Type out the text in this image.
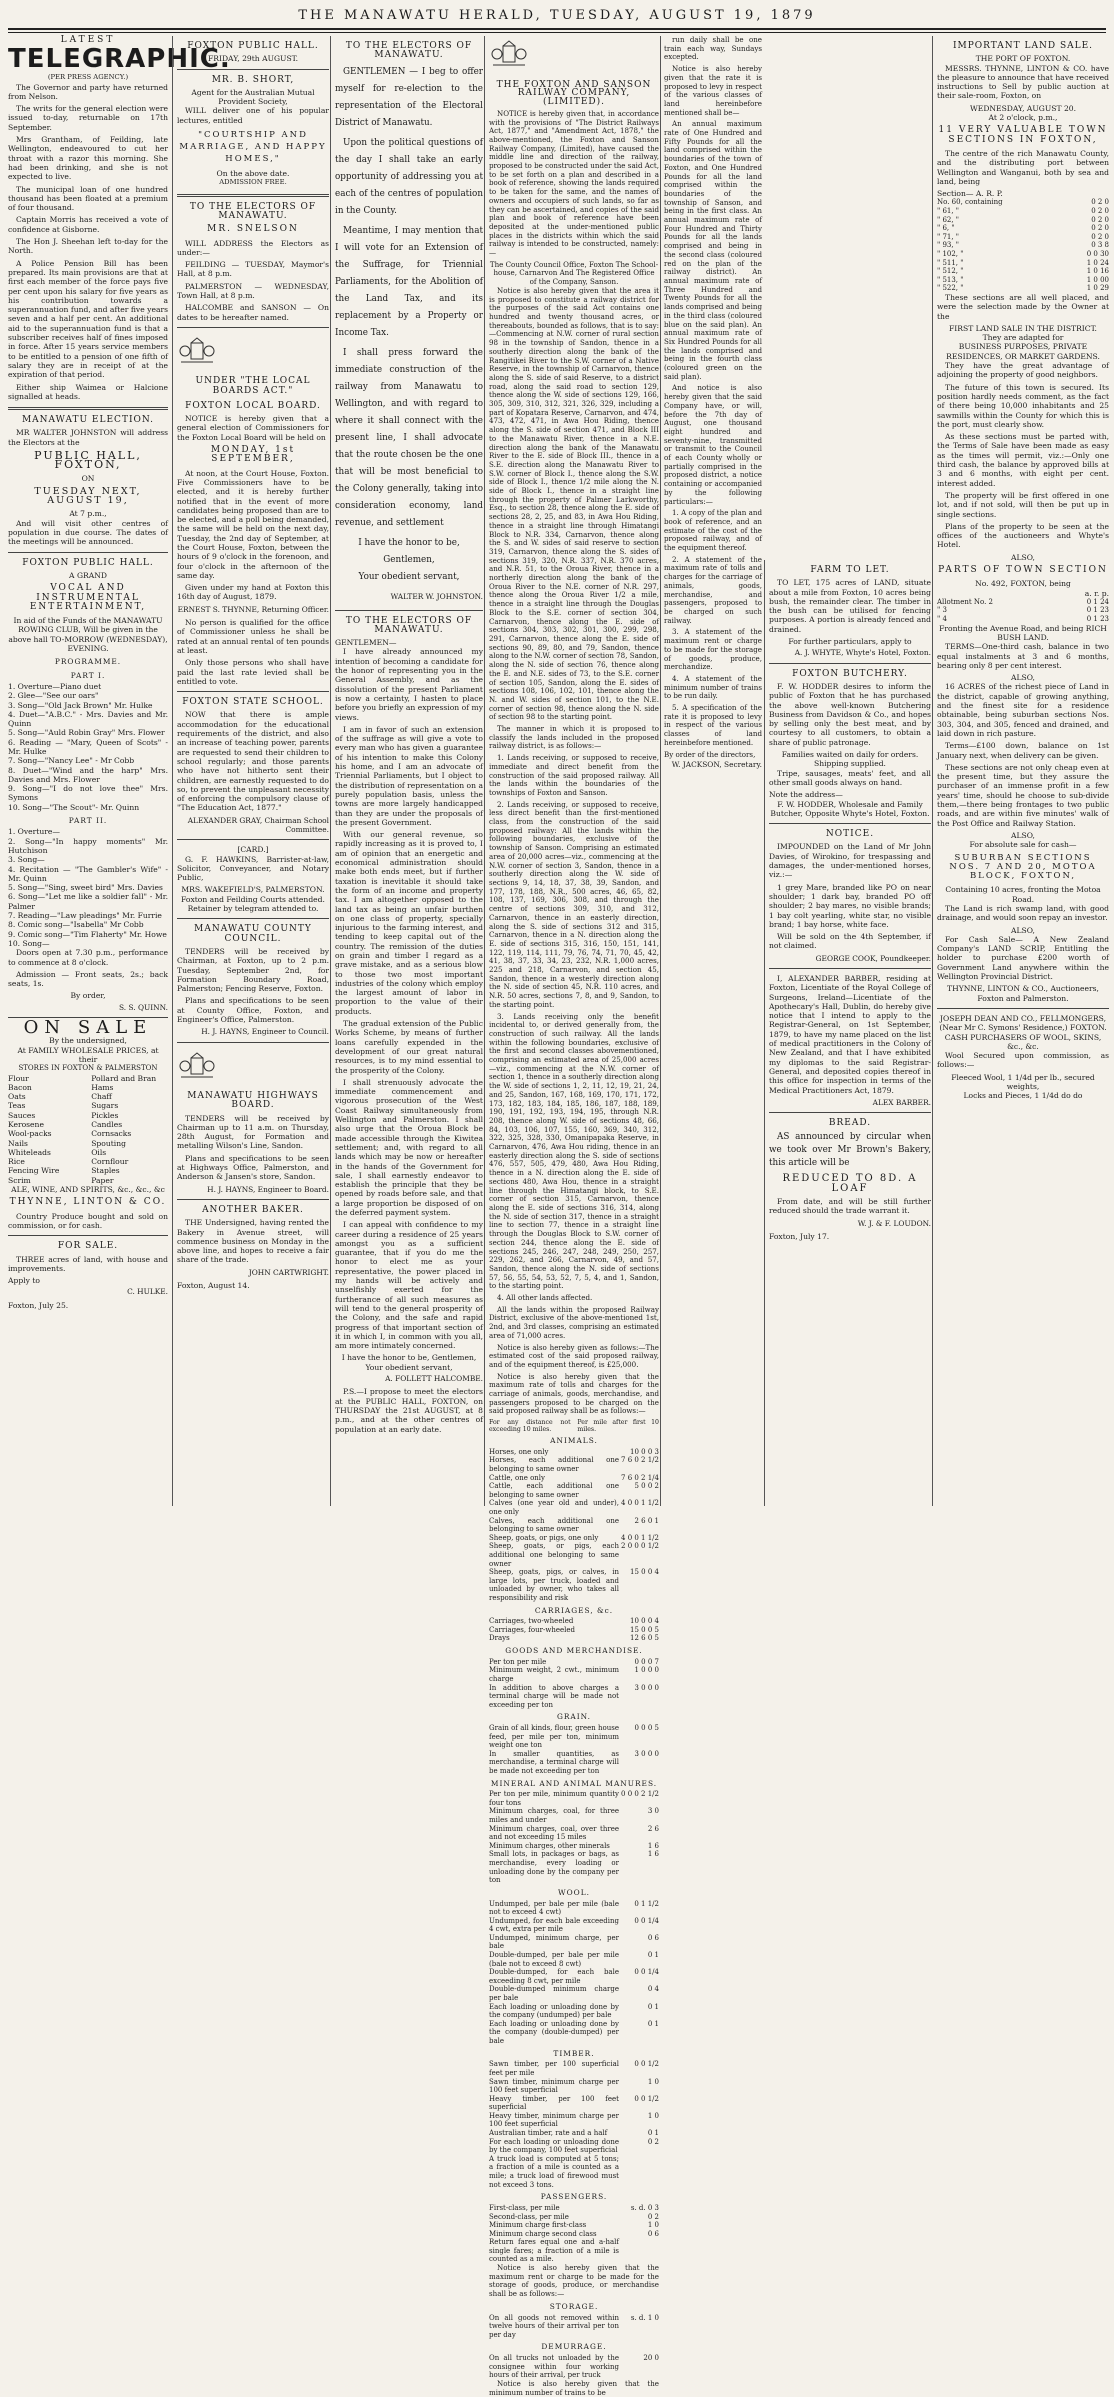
THE MANAWATU HERALD, TUESDAY, AUGUST 19, 1879
LATEST
TELEGRAPHIC.
(PER PRESS AGENCY.)

The Governor and party have returned from Nelson.

The writs for the general election were issued to-day, returnable on 17th September.

Mrs Grantham, of Feilding, late Wellington, endeavoured to cut her throat with a razor this morning. She had been drinking, and she is not expected to live.

The municipal loan of one hundred thousand has been floated at a premium of four thousand.

Captain Morris has received a vote of confidence at Gisborne.

The Hon J. Sheehan left to-day for the North.

A Police Pension Bill has been prepared. Its main provisions are that at first each member of the force pays five per cent upon his salary for five years as his contribution towards a superannuation fund, and after five years seven and a half per cent. An additional aid to the superannuation fund is that a subscriber receives half of fines imposed in force. After 15 years service members to be entitled to a pension of one fifth of salary they are in receipt of at the expiration of that period.

Either ship Waimea or Halcione signalled at heads.

MANAWATU ELECTION.

MR WALTER JOHNSTON will address the Electors at the

PUBLIC HALL, FOXTON,
ON
TUESDAY NEXT, AUGUST 19,
At 7 p.m.,

And will visit other centres of population in due course. The dates of the meetings will be announced.

FOXTON PUBLIC HALL.
A GRAND
VOCAL AND INSTRUMENTAL ENTERTAINMENT,
In aid of the Funds of the MANAWATU ROWING CLUB, Will be given in the above hall TO-MORROW (WEDNESDAY), EVENING.
PROGRAMME.
PART I.
1. Overture—Piano duet
2. Glee—"See our oars"
3. Song—"Old Jack Brown" Mr. Hulke
4. Duet—"A.B.C." - Mrs. Davies and Mr. Quinn
5. Song—"Auld Robin Gray" Mrs. Flower
6. Reading — "Mary, Queen of Scots" - Mr. Hulke
7. Song—"Nancy Lee" - Mr Cobb
8. Duet—"Wind and the harp" Mrs. Davies and Mrs. Flower
9. Song—"I do not love thee" Mrs. Symons
10. Song—"The Scout"- Mr. Quinn
PART II.
1. Overture—
2. Song—"In happy moments" Mr. Hutchison
3. Song—
4. Recitation — "The Gambler's Wife" - Mr. Quinn
5. Song—"Sing, sweet bird" Mrs. Davies
6. Song—"Let me like a soldier fall" - Mr. Palmer
7. Reading—"Law pleadings" Mr. Furrie
8. Comic song—"Isabella" Mr Cobb
9. Comic song—"Tim Flaherty" Mr. Howe
10. Song—

Doors open at 7.30 p.m., performance to commence at 8 o'clock.

Admission — Front seats, 2s.; back seats, 1s.

By order,
S. S. QUINN.
ON SALE
By the undersigned,
At FAMILY WHOLESALE PRICES, at their
STORES IN FOXTON & PALMERSTON
Flour	Pollard and Bran
Bacon	Hams
Oats	Chaff
Teas	Sugars
Sauces	Pickles
Kerosene	Candles
Wool-packs	Cornsacks
Nails	Spouting
Whiteleads	Oils
Rice	Cornflour
Fencing Wire	Staples
Scrim	Paper
ALE, WINE, AND SPIRITS, &c., &c., &c
THYNNE, LINTON & CO.

Country Produce bought and sold on commission, or for cash.

FOR SALE.

THREE acres of land, with house and improvements.

Apply to
C. HULKE.
Foxton, July 25.
FOXTON PUBLIC HALL.
FRIDAY, 29th AUGUST.
MR. B. SHORT,
Agent for the Australian Mutual Provident Society,

WILL deliver one of his popular lectures, entitled

"COURTSHIP AND MARRIAGE, AND HAPPY HOMES,"
On the above date.
ADMISSION FREE.
TO THE ELECTORS OF MANAWATU.
MR. SNELSON

WILL ADDRESS the Electors as under:—

FEILDING — TUESDAY, Maymor's Hall, at 8 p.m.

PALMERSTON — WEDNESDAY, Town Hall, at 8 p.m.

HALCOMBE and SANSON — On dates to be hereafter named.

UNDER "THE LOCAL BOARDS ACT."
FOXTON LOCAL BOARD.

NOTICE is hereby given that a general election of Commissioners for the Foxton Local Board will be held on

MONDAY, 1st SEPTEMBER,

At noon, at the Court House, Foxton. Five Commissioners have to be elected, and it is hereby further notified that in the event of more candidates being proposed than are to be elected, and a poll being demanded, the same will be held on the next day, Tuesday, the 2nd day of September, at the Court House, Foxton, between the hours of 9 o'clock in the forenoon, and four o'clock in the afternoon of the same day.

Given under my hand at Foxton this 16th day of August, 1879.

ERNEST S. THYNNE, Returning Officer.

No person is qualified for the office of Commissioner unless he shall be rated at an annual rental of ten pounds at least.

Only those persons who shall have paid the last rate levied shall be entitled to vote.

FOXTON STATE SCHOOL.

NOW that there is ample accommodation for the educational requirements of the district, and also an increase of teaching power, parents are requested to send their children to school regularly; and those parents who have not hitherto sent their children, are earnestly requested to do so, to prevent the unpleasant necessity of enforcing the compulsory clause of "The Education Act, 1877."

ALEXANDER GRAY, Chairman School Committee.
[CARD.]

G. F. HAWKINS, Barrister-at-law, Solicitor, Conveyancer, and Notary Public,

MRS. WAKEFIELD'S, PALMERSTON.
Foxton and Feilding Courts attended.
Retainer by telegram attended to.
MANAWATU COUNTY COUNCIL.

TENDERS will be received by Chairman, at Foxton, up to 2 p.m. Tuesday, September 2nd, for Formation Boundary Road, Palmerston; Fencing Reserve, Foxton.

Plans and specifications to be seen at County Office, Foxton, and Engineer's Office, Palmerston.

H. J. HAYNS, Engineer to Council.
MANAWATU HIGHWAYS BOARD.

TENDERS will be received by Chairman up to 11 a.m. on Thursday, 28th August, for Formation and metalling Wilson's Line, Sandon.

Plans and specifications to be seen at Highways Office, Palmerston, and Anderson & Jansen's store, Sandon.

H. J. HAYNS, Engineer to Board.
ANOTHER BAKER.

THE Undersigned, having rented the Bakery in Avenue street, will commence business on Monday in the above line, and hopes to receive a fair share of the trade.

JOHN CARTWRIGHT.
Foxton, August 14.
TO THE ELECTORS OF MANAWATU.

GENTLEMEN — I beg to offer myself for re-election to the representation of the Electoral District of Manawatu.

Upon the political questions of the day I shall take an early opportunity of addressing you at each of the centres of population in the County.

Meantime, I may mention that I will vote for an Extension of the Suffrage, for Triennial Parliaments, for the Abolition of the Land Tax, and its replacement by a Property or Income Tax.

I shall press forward the immediate construction of the railway from Manawatu to Wellington, and with regard to where it shall connect with the present line, I shall advocate that the route chosen be the one that will be most beneficial to the Colony generally, taking into consideration economy, land revenue, and settlement

I have the honor to be,
Gentlemen,
Your obedient servant,
WALTER W. JOHNSTON.
TO THE ELECTORS OF MANAWATU.
GENTLEMEN—

I have already announced my intention of becoming a candidate for the honor of representing you in the General Assembly, and as the dissolution of the present Parliament is now a certainty, I hasten to place before you briefly an expression of my views.

I am in favor of such an extension of the suffrage as will give a vote to every man who has given a guarantee of his intention to make this Colony his home, and I am an advocate of Triennial Parliaments, but I object to the distribution of representation on a purely population basis, unless the towns are more largely handicapped than they are under the proposals of the present Government.

With our general revenue, so rapidly increasing as it is proved to, I am of opinion that an energetic and economical administration should make both ends meet, but if further taxation is inevitable it should take the form of an income and property tax. I am altogether opposed to the land tax as being an unfair burthen on one class of property, specially injurious to the farming interest, and tending to keep capital out of the country. The remission of the duties on grain and timber I regard as a grave mistake, and as a serious blow to those two most important industries of the colony which employ the largest amount of labor in proportion to the value of their products.

The gradual extension of the Public Works Scheme, by means of further loans carefully expended in the development of our great natural resources, is to my mind essential to the prosperity of the Colony.

I shall strenuously advocate the immediate commencement and vigorous prosecution of the West Coast Railway simultaneously from Wellington and Palmerston. I shall also urge that the Oroua Block be made accessible through the Kiwitea settlement; and, with regard to all lands which may be now or hereafter in the hands of the Government for sale, I shall earnestly endeavor to establish the principle that they be opened by roads before sale, and that a large proportion be disposed of on the deferred payment system.

I can appeal with confidence to my career during a residence of 25 years amongst you as a sufficient guarantee, that if you do me the honor to elect me as your representative, the power placed in my hands will be actively and unselfishly exerted for the furtherance of all such measures as will tend to the general prosperity of the Colony, and the safe and rapid progress of that important section of it in which I, in common with you all, am more intimately concerned.

I have the honor to be, Gentlemen,
Your obedient servant,
A. FOLLETT HALCOMBE.

P.S.—I propose to meet the electors at the PUBLIC HALL, FOXTON, on THURSDAY the 21st AUGUST, at 8 p.m., and at the other centres of population at an early date.

THE FOXTON AND SANSON RAILWAY COMPANY, (LIMITED).

NOTICE is hereby given that, in accordance with the provisions of "The District Railways Act, 1877," and "Amendment Act, 1878," the above-mentioned, the Foxton and Sanson Railway Company, (Limited), have caused the middle line and direction of the railway, proposed to be constructed under the said Act, to be set forth on a plan and described in a book of reference, showing the lands required to be taken for the same, and the names of owners and occupiers of such lands, so far as they can be ascertained, and copies of the said plan and book of reference have been deposited at the under-mentioned public places in the districts within which the said railway is intended to be constructed, namely:—

The County Council Office, Foxton The School-house, Carnarvon And The Registered Office of the Company, Sanson.

Notice is also hereby given that the area it is proposed to constitute a railway district for the purposes of the said Act contains one hundred and twenty thousand acres, or thereabouts, bounded as follows, that is to say:—Commencing at N.W. corner of rural section 98 in the township of Sandon, thence in a southerly direction along the bank of the Rangitikei River to the S.W. corner of a Native Reserve, in the township of Carnarvon, thence along the S. side of said Reserve, to a district road, along the said road to section 129, thence along the W. side of sections 129, 166, 305, 309, 310, 312, 321, 326, 329, including a part of Kopatara Reserve, Carnarvon, and 474, 473, 472, 471, in Awa Hou Riding, thence along the S. side of section 471, and Block III to the Manawatu River, thence in a N.E. direction along the bank of the Manawatu River to the E. side of Block III., thence in a S.E. direction along the Manawatu River to S.W. corner of Block I., thence along the S.W. side of Block I., thence 1/2 mile along the N. side of Block I., thence in a straight line through the property of Palmer Larkworthy, Esq., to section 28, thence along the E. side of sections 28, 2, 25, and 83, in Awa Hou Riding, thence in a straight line through Himatangi Block to N.R. 334, Carnarvon, thence along the S. and W. sides of said reserve to section 319, Carnarvon, thence along the S. sides of sections 319, 320, N.R. 337, N.R. 370 acres, and N.R. 51, to the Oroua River, thence in a northerly direction along the bank of the Oroua River to the N.E. corner of N.R. 297, thence along the Oroua River 1/2 a mile, thence in a straight line through the Douglas Block to the S.E. corner of section 304, Carnarvon, thence along the E. side of sections 304, 303, 302, 301, 300, 299, 298, 291, Carnarvon, thence along the E. side of sections 90, 89, 80, and 79, Sandon, thence along to the N.W. corner of section 78, Sandon, along the N. side of section 76, thence along the E. and N.E. sides of 73, to the S.E. corner of section 105, Sandon, along the E. sides of sections 108, 106, 102, 101, thence along the N. and W. sides of section 101, to the N.E. corner of section 98, thence along the N. side of section 98 to the starting point.

The manner in which it is proposed to classify the lands included in the proposed railway district, is as follows:—

1. Lands receiving, or supposed to receive, immediate and direct benefit from the construction of the said proposed railway. All the lands within the boundaries of the townships of Foxton and Sanson.

2. Lands receiving, or supposed to receive, less direct benefit than the first-mentioned class, from the construction of the said proposed railway: All the lands within the following boundaries, exclusive of the township of Sanson. Comprising an estimated area of 20,000 acres—viz., commencing at the N.W. corner of section 3, Sandon, thence in a southerly direction along the W. side of sections 9, 14, 18, 37, 38, 39, Sandon, and 177, 178, 188, N.R., 500 acres, 46, 65, 82, 108, 137, 169, 306, 308, and through the centre of sections 309, 310, and 312, Carnarvon, thence in an easterly direction, along the S. side of sections 312 and 315, Carnarvon, thence in a N. direction along the E. side of sections 315, 316, 150, 151, 141, 122, 119, 114, 111, 79, 76, 74, 71, 70, 45, 42, 41, 38, 37, 33, 34, 23, 232, N.R. 1,000 acres, 225 and 218, Carnarvon, and section 45, Sandon, thence in a westerly direction along the N. side of section 45, N.R. 110 acres, and N.R. 50 acres, sections 7, 8, and 9, Sandon, to the starting point.

3. Lands receiving only the benefit incidental to, or derived generally from, the construction of such railway. All the lands within the following boundaries, exclusive of the first and second classes abovementioned, comprising an estimated area of 25,000 acres—viz., commencing at the N.W. corner of section 1, thence in a southerly direction along the W. side of sections 1, 2, 11, 12, 19, 21, 24, and 25, Sandon, 167, 168, 169, 170, 171, 172, 173, 182, 183, 184, 185, 186, 187, 188, 189, 190, 191, 192, 193, 194, 195, through N.R. 208, thence along W. side of sections 48, 66, 84, 103, 106, 107, 155, 160, 369, 340, 312, 322, 325, 328, 330, Omanipapaka Reserve, in Carnarvon, 476, Awa Hou riding, thence in an easterly direction along the S. side of sections 476, 557, 505, 479, 480, Awa Hou Riding, thence in a N. direction along the E. side of sections 480, Awa Hou, thence in a straight line through the Himatangi block, to S.E. corner of section 315, Carnarvon, thence along the E. side of sections 316, 314, along the N. side of section 317, thence in a straight line to section 77, thence in a straight line through the Douglas Block to S.W. corner of section 244, thence along the E. side of sections 245, 246, 247, 248, 249, 250, 257, 229, 262, and 266, Carnarvon, 49, and 57, Sandon, thence along the N. side of sections 57, 56, 55, 54, 53, 52, 7, 5, 4, and 1, Sandon, to the starting point.

4. All other lands affected.

All the lands within the proposed Railway District, exclusive of the above-mentioned 1st, 2nd, and 3rd classes, comprising an estimated area of 71,000 acres.

Notice is also hereby given as follows:—The estimated cost of the said proposed railway, and of the equipment thereof, is £25,000.

Notice is also hereby given that the maximum rate of tolls and charges for the carriage of animals, goods, merchandise, and passengers proposed to be charged on the said proposed railway shall be as follows:—

For any distance not exceeding 10 miles.
Per mile after first 10 miles.
ANIMALS.
Horses, one only	10 0 0 3
Horses, each additional one belonging to same owner	7 6 0 2 1/2
Cattle, one only	7 6 0 2 1/4
Cattle, each additional one belonging to same owner	5 0 0 2
Calves (one year old and under), one only	4 0 0 1 1/2
Calves, each additional one belonging to same owner	2 6 0 1
Sheep, goats, or pigs, one only	4 0 0 1 1/2
Sheep, goats, or pigs, each additional one belonging to same owner	2 0 0 0 1/2
Sheep, goats, pigs, or calves, in large lots, per truck, loaded and unloaded by owner, who takes all responsibility and risk	15 0 0 4
CARRIAGES, &c.
Carriages, two-wheeled	10 0 0 4
Carriages, four-wheeled	15 0 0 5
Drays	12 6 0 5
GOODS AND MERCHANDISE.
Per ton per mile	0 0 0 7
Minimum weight, 2 cwt., minimum charge	1 0 0 0
In addition to above charges a terminal charge will be made not exceeding per ton	3 0 0 0
GRAIN.
Grain of all kinds, flour, green house feed, per mile per ton, minimum weight one ton	0 0 0 5
In smaller quantities, as merchandise, a terminal charge will be made not exceeding per ton	3 0 0 0
MINERAL AND ANIMAL MANURES.
Per ton per mile, minimum quantity four tons	0 0 0 2 1/2
Minimum charges, coal, for three miles and under	3 0
Minimum charges, coal, over three and not exceeding 15 miles	2 6
Minimum charges, other minerals	1 6
Small lots, in packages or bags, as merchandise, every loading or unloading done by the company per ton	1 6
WOOL.
Undumped, per bale per mile (bale not to exceed 4 cwt)	0 1 1/2
Undumped, for each bale exceeding 4 cwt, extra per mile	0 0 1/4
Undumped, minimum charge, per bale	0 6
Double-dumped, per bale per mile (bale not to exceed 8 cwt)	0 1
Double-dumped, for each bale exceeding 8 cwt, per mile	0 0 1/4
Double-dumped minimum charge per bale	0 4
Each loading or unloading done by the company (undumped) per bale	0 1
Each loading or unloading done by the company (double-dumped) per bale	0 1
TIMBER.
Sawn timber, per 100 superficial feet per mile	0 0 1/2
Sawn timber, minimum charge per 100 feet superficial	1 0
Heavy timber, per 100 feet superficial	0 0 1/2
Heavy timber, minimum charge per 100 feet superficial	1 0
Australian timber, rate and a half	0 1
For each loading or unloading done by the company, 100 feet superficial	0 2
A truck load is computed at 5 tons; a fraction of a mile is counted as a mile; a truck load of firewood must not exceed 3 tons.	
PASSENGERS.
First-class, per mile	s. d. 0 3
Second-class, per mile	0 2
Minimum charge first-class	1 0
Minimum charge second class	0 6
Return fares equal one and a-half single fares; a fraction of a mile is counted as a mile.	

Notice is also hereby given that the maximum rent or charge to be made for the storage of goods, produce, or merchandise shall be as follows:—

STORAGE.
On all goods not removed within twelve hours of their arrival per ton per day	s. d. 1 0
DEMURRAGE.
On all trucks not unloaded by the consignee within four working hours of their arrival, per truck	20 0

Notice is also hereby given that the minimum number of trains to be

run daily shall be one train each way, Sundays excepted.

Notice is also hereby given that the rate it is proposed to levy in respect of the various classes of land hereinbefore mentioned shall be—

An annual maximum rate of One Hundred and Fifty Pounds for all the land comprised within the boundaries of the town of Foxton, and One Hundred Pounds for all the land comprised within the boundaries of the township of Sanson, and being in the first class. An annual maximum rate of Four Hundred and Thirty Pounds for all the lands comprised and being in the second class (coloured red on the plan of the railway district). An annual maximum rate of Three Hundred and Twenty Pounds for all the lands comprised and being in the third class (coloured blue on the said plan). An annual maximum rate of Six Hundred Pounds for all the lands comprised and being in the fourth class (coloured green on the said plan).

And notice is also hereby given that the said Company have, or will, before the 7th day of August, one thousand eight hundred and seventy-nine, transmitted or transmit to the Council of each County wholly or partially comprised in the proposed district, a notice containing or accompanied by the following particulars:—

1. A copy of the plan and book of reference, and an estimate of the cost of the proposed railway, and of the equipment thereof.

2. A statement of the maximum rate of tolls and charges for the carriage of animals, goods, merchandise, and passengers, proposed to be charged on such railway.

3. A statement of the maximum rent or charge to be made for the storage of goods, produce, merchandize.

4. A statement of the minimum number of trains to be run daily.

5. A specification of the rate it is proposed to levy in respect of the various classes of land hereinbefore mentioned.

By order of the directors,
W. JACKSON, Secretary.
FARM TO LET.

TO LET, 175 acres of LAND, situate about a mile from Foxton, 10 acres being bush, the remainder clear. The timber in the bush can be utilised for fencing purposes. A portion is already fenced and drained.

For further particulars, apply to
A. J. WHYTE, Whyte's Hotel, Foxton.
FOXTON BUTCHERY.

F. W. HODDER desires to inform the public of Foxton that he has purchased the above well-known Butchering Business from Davidson & Co., and hopes by selling only the best meat, and by courtesy to all customers, to obtain a share of public patronage.

Families waited on daily for orders.
Shipping supplied.

Tripe, sausages, meats' feet, and all other small goods always on hand.

Note the address—
F. W. HODDER, Wholesale and Family Butcher, Opposite Whyte's Hotel, Foxton.
NOTICE.

IMPOUNDED on the Land of Mr John Davies, of Wirokino, for trespassing and damages, the under-mentioned horses, viz.:—

1 grey Mare, branded like PO on near shoulder; 1 dark bay, branded PO off shoulder; 2 bay mares, no visible brands; 1 bay colt yearling, white star, no visible brand; 1 bay horse, white face.

Will be sold on the 4th September, if not claimed.

GEORGE COOK, Poundkeeper.

I, ALEXANDER BARBER, residing at Foxton, Licentiate of the Royal College of Surgeons, Ireland—Licentiate of the Apothecary's Hall, Dublin, do hereby give notice that I intend to apply to the Registrar-General, on 1st September, 1879, to have my name placed on the list of medical practitioners in the Colony of New Zealand, and that I have exhibited my diplomas to the said Registrar-General, and deposited copies thereof in this office for inspection in terms of the Medical Practitioners Act, 1879.

ALEX BARBER.
BREAD.

AS announced by circular when we took over Mr Brown's Bakery, this article will be

REDUCED TO 8D. A LOAF

From date, and will be still further reduced should the trade warrant it.

W. J. & F. LOUDON.
Foxton, July 17.
IMPORTANT LAND SALE.
THE PORT OF FOXTON.

MESSRS. THYNNE, LINTON & CO. have the pleasure to announce that have received instructions to Sell by public auction at their sale-room, Foxton, on

WEDNESDAY, AUGUST 20.
At 2 o'clock, p.m.,
11 VERY VALUABLE TOWN SECTIONS IN FOXTON,

The centre of the rich Manawatu County, and the distributing port between Wellington and Wanganui, both by sea and land, being

Section— A. R. P.
No. 60, containing	0 2 0
" 61, "	0 2 0
" 62, "	0 2 0
" 6, "	0 2 0
" 71, "	0 2 0
" 93, "	0 3 8
" 102, "	0 0 30
" 511, "	1 0 24
" 512, "	1 0 16
" 513, "	1 0 00
" 522, "	1 0 29

These sections are all well placed, and were the selection made by the Owner at the

FIRST LAND SALE IN THE DISTRICT.
They are adapted for
BUSINESS PURPOSES, PRIVATE RESIDENCES, OR MARKET GARDENS.

They have the great advantage of adjoining the property of good neighbors.

The future of this town is secured. Its position hardly needs comment, as the fact of there being 10,000 inhabitants and 25 sawmills within the County for which this is the port, must clearly show.

As these sections must be parted with, the Terms of Sale have been made as easy as the times will permit, viz.:—Only one third cash, the balance by approved bills at 3 and 6 months, with eight per cent. interest added.

The property will be first offered in one lot, and if not sold, will then be put up in single sections.

Plans of the property to be seen at the offices of the auctioneers and Whyte's Hotel.

ALSO,
PARTS OF TOWN SECTION
No. 492, FOXTON, being
a. r. p.
Allotment No. 2	0 1 24
" 3	0 1 23
" 4	0 1 23
Fronting the Avenue Road, and being RICH BUSH LAND.

TERMS—One-third cash, balance in two equal instalments at 3 and 6 months, bearing only 8 per cent interest.

ALSO,

16 ACRES of the richest piece of Land in the district, capable of growing anything, and the finest site for a residence obtainable, being suburban sections Nos. 303, 304, and 305, fenced and drained, and laid down in rich pasture.

Terms—£100 down, balance on 1st January next, when delivery can be given.

These sections are not only cheap even at the present time, but they assure the purchaser of an immense profit in a few years' time, should he choose to sub-divide them,—there being frontages to two public roads, and are within five minutes' walk of the Post Office and Railway Station.

ALSO,
For absolute sale for cash—
SUBURBAN SECTIONS NOS. 7 AND 20, MOTOA BLOCK, FOXTON,
Containing 10 acres, fronting the Motoa Road.

The Land is rich swamp land, with good drainage, and would soon repay an investor.

ALSO,

For Cash Sale— A New Zealand Company's LAND SCRIP, Entitling the holder to purchase £200 worth of Government Land anywhere within the Wellington Provincial District.

THYNNE, LINTON & CO., Auctioneers, Foxton and Palmerston.
JOSEPH DEAN AND CO., FELLMONGERS, (Near Mr C. Symons' Residence,) FOXTON.
CASH PURCHASERS OF WOOL, SKINS, &c., &c.

Wool Secured upon commission, as follows:—

Fleeced Wool, 1 1/4d per lb., secured weights,
Locks and Pieces, 1 1/4d do do
